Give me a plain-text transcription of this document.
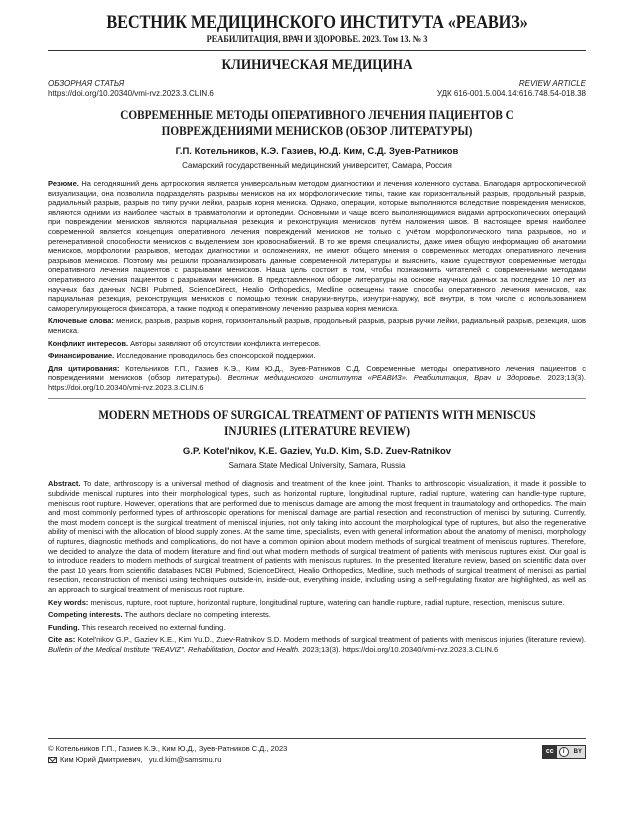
ВЕСТНИК МЕДИЦИНСКОГО ИНСТИТУТА «РЕАВИЗ»
РЕАБИЛИТАЦИЯ, ВРАЧ И ЗДОРОВЬЕ. 2023. Том 13. № 3
КЛИНИЧЕСКАЯ МЕДИЦИНА
ОБЗОРНАЯ СТАТЬЯ
https://doi.org/10.20340/vmi-rvz.2023.3.CLIN.6
REVIEW ARTICLE
УДК 616-001.5.004.14:616.748.54-018.38
СОВРЕМЕННЫЕ МЕТОДЫ ОПЕРАТИВНОГО ЛЕЧЕНИЯ ПАЦИЕНТОВ С ПОВРЕЖДЕНИЯМИ МЕНИСКОВ (ОБЗОР ЛИТЕРАТУРЫ)
Г.П. Котельников, К.Э. Газиев, Ю.Д. Ким, С.Д. Зуев-Ратников
Самарский государственный медицинский университет, Самара, Россия
Резюме. На сегодняшний день артроскопия является универсальным методом диагностики и лечения коленного сустава. Благодаря артроскопической визуализации, она позволила подразделять разрывы менисков на их морфологические типы, такие как горизонтальный разрыв, продольный разрыв, радиальный разрыв, разрыв по типу ручки лейки, разрыв корня мениска. Однако, операции, которые выполняются вследствие повреждения менисков, являются одними из наиболее частых в травматологии и ортопедии. Основными и чаще всего выполняющимися видами артроскопических операций при повреждении менисков являются парциальная резекция и реконструкция менисков путём наложения швов. В настоящее время наиболее современной является концепция оперативного лечения повреждений менисков не только с учётом морфологического типа разрывов, но и регенеративной способности менисков с выделением зон кровоснабжений. В то же время специалисты, даже имея общую информацию об анатомии менисков, морфологии разрывов, методах диагностики и осложнениях, не имеют общего мнения о современных методах оперативного лечения разрывов менисков. Поэтому мы решили проанализировать данные современной литературы и выяснить, какие существуют современные методы оперативного лечения пациентов с разрывами менисков. Наша цель состоит в том, чтобы познакомить читателей с современными методами оперативного лечения пациентов с разрывами менисков. В представленном обзоре литературы на основе научных данных за последние 10 лет из научных баз данных NCBI Pubmed, ScienceDirect, Healio Orthopedics, Medline освещены такие способы оперативного лечения менисков, как парциальная резекция, реконструкция менисков с помощью техник снаружи-внутрь, изнутри-наружу, всё внутри, в том числе с использованием саморегулирующегося фиксатора, а также подход к оперативному лечению разрыва корня мениска.
Ключевые слова: мениск, разрыв, разрыв корня, горизонтальный разрыв, продольный разрыв, разрыв ручки лейки, радиальный разрыв, резекция, шов мениска.
Конфликт интересов. Авторы заявляют об отсутствии конфликта интересов.
Финансирование. Исследование проводилось без спонсорской поддержки.
Для цитирования: Котельников Г.П., Газиев К.Э., Ким Ю.Д., Зуев-Ратников С.Д. Современные методы оперативного лечения пациентов с повреждениями менисков (обзор литературы). Вестник медицинского института «РЕАВИЗ». Реабилитация, Врач и Здоровье. 2023;13(3). https://doi.org/10.20340/vmi-rvz.2023.3.CLIN.6
MODERN METHODS OF SURGICAL TREATMENT OF PATIENTS WITH MENISCUS INJURIES (LITERATURE REVIEW)
G.P. Kotel'nikov, K.E. Gaziev, Yu.D. Kim, S.D. Zuev-Ratnikov
Samara State Medical University, Samara, Russia
Abstract. To date, arthroscopy is a universal method of diagnosis and treatment of the knee joint. Thanks to arthroscopic visualization, it made it possible to subdivide meniscal ruptures into their morphological types, such as horizontal rupture, longitudinal rupture, radial rupture, watering can handle-type rupture, meniscus root rupture. However, operations that are performed due to meniscus damage are among the most frequent in traumatology and orthopedics. The main and most commonly performed types of arthroscopic operations for meniscal damage are partial resection and reconstruction of menisci by suturing. Currently, the most modern concept is the surgical treatment of meniscal injuries, not only taking into account the morphological type of ruptures, but also the regenerative ability of menisci with the allocation of blood supply zones. At the same time, specialists, even with general information about the anatomy of menisci, morphology of ruptures, diagnostic methods and complications, do not have a common opinion about modern methods of surgical treatment of meniscus ruptures. Therefore, we decided to analyze the data of modern literature and find out what modern methods of surgical treatment of patients with meniscus ruptures exist. Our goal is to introduce readers to modern methods of surgical treatment of patients with meniscus ruptures. In the presented literature review, based on scientific data over the past 10 years from scientific databases NCBI Pubmed, ScienceDirect, Healio Orthopedics, Medline, such methods of surgical treatment of menisci as partial resection, reconstruction of menisci using techniques outside-in, inside-out, everything inside, including using a self-regulating fixator are highlighted, as well as an approach to surgical treatment of meniscus root rupture.
Key words: meniscus, rupture, root rupture, horizontal rupture, longitudinal rupture, watering can handle rupture, radial rupture, resection, meniscus suture.
Competing interests. The authors declare no competing interests.
Funding. This research received no external funding.
Cite as: Kotel'nikov G.P., Gaziev K.E., Kim Yu.D., Zuev-Ratnikov S.D. Modern methods of surgical treatment of patients with meniscus injuries (literature review). Bulletin of the Medical Institute "REAVIZ". Rehabilitation, Doctor and Health. 2023;13(3). https://doi.org/10.20340/vmi-rvz.2023.3.CLIN.6
© Котельников Г.П., Газиев К.Э., Ким Ю.Д., Зуев-Ратников С.Д., 2023
Ким Юрий Дмитриевич, yu.d.kim@samsmu.ru
cc	i	BY
